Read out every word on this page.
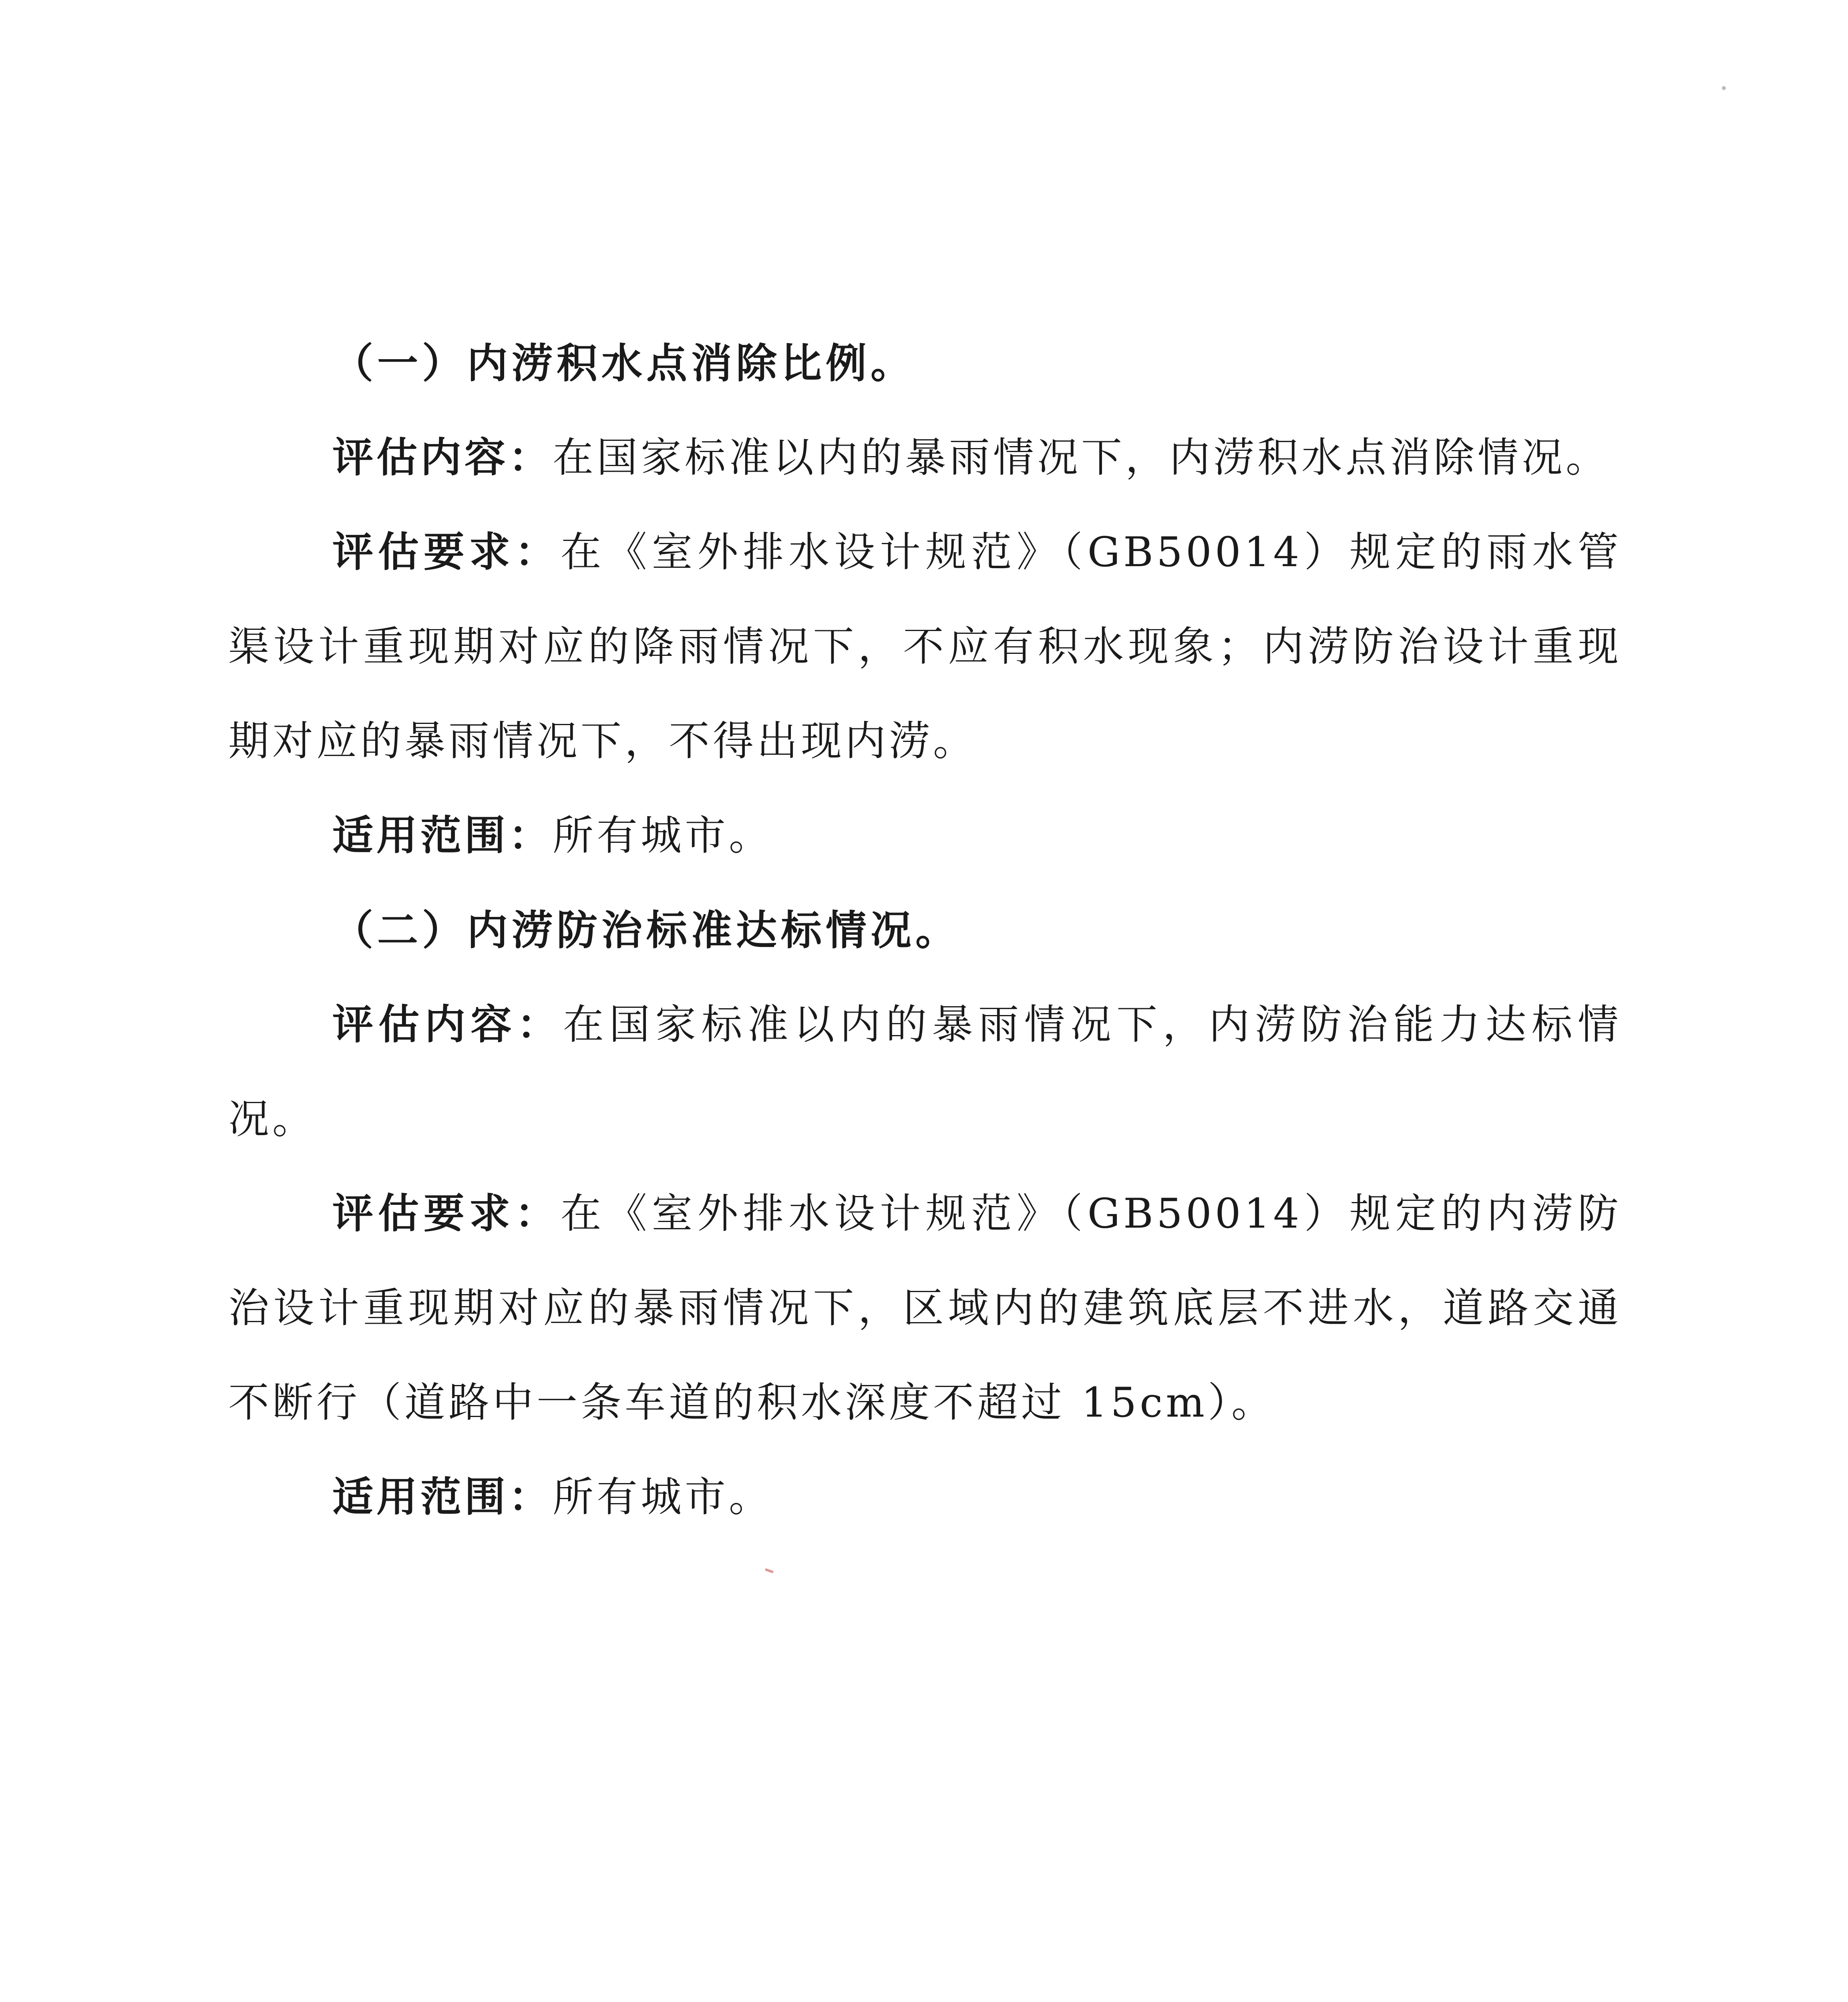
（一）内涝积水点消除比例。

评估内容：在国家标准以内的暴雨情况下，内涝积水点消除情况。

评估要求：在《室外排水设计规范》（GB50014）规定的雨水管渠设计重现期对应的降雨情况下，不应有积水现象；内涝防治设计重现期对应的暴雨情况下，不得出现内涝。

适用范围：所有城市。

（二）内涝防治标准达标情况。

评估内容：在国家标准以内的暴雨情况下，内涝防治能力达标情况。

评估要求：在《室外排水设计规范》（GB50014）规定的内涝防治设计重现期对应的暴雨情况下，区域内的建筑底层不进水，道路交通不断行（道路中一条车道的积水深度不超过 15cm）。

适用范围：所有城市。
